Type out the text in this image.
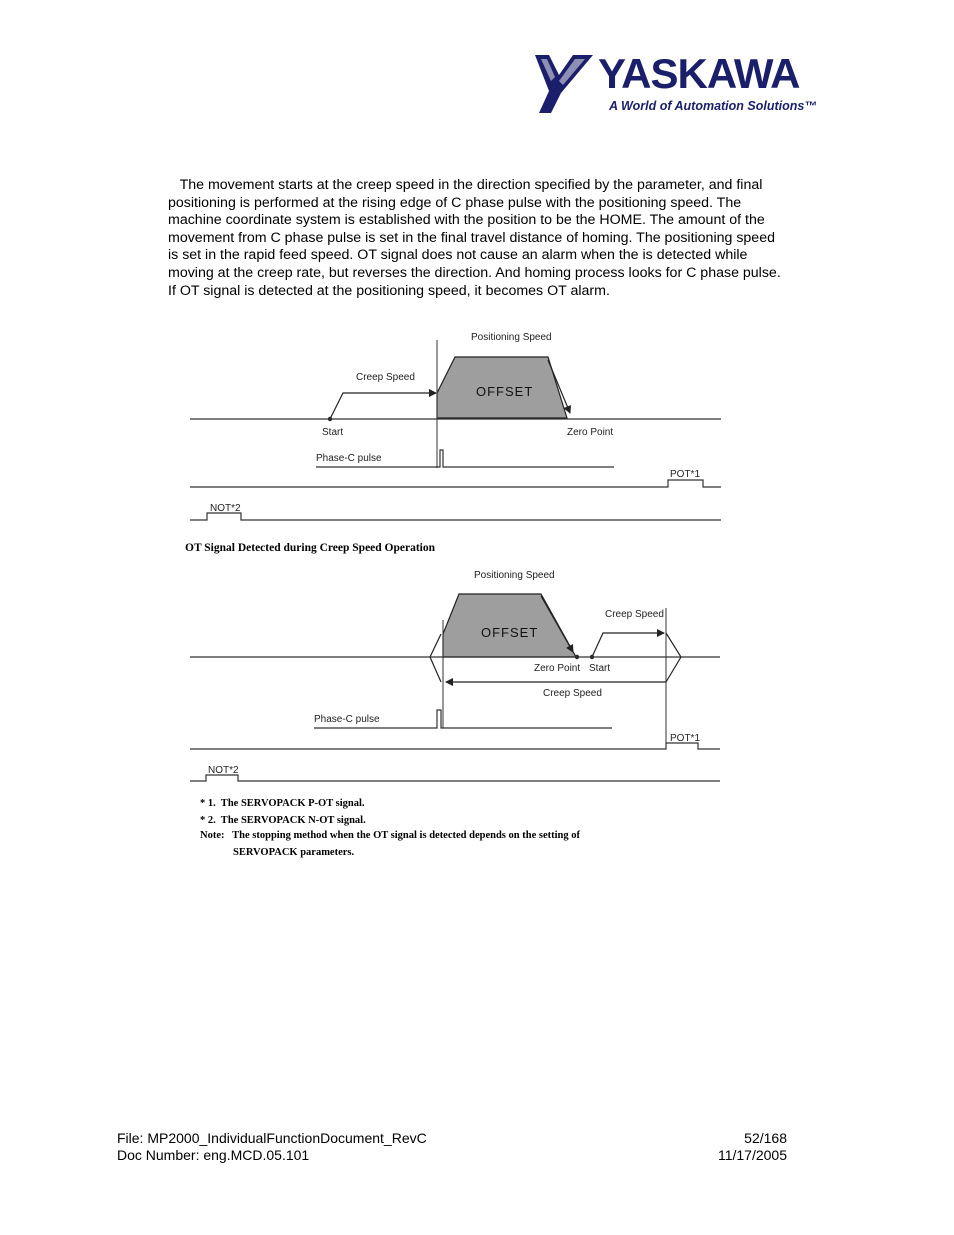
YASKAWA
A World of Automation Solutions™
The movement starts at the creep speed in the direction specified by the parameter, and final
positioning is performed at the rising edge of C phase pulse with the positioning speed. The
machine coordinate system is established with the position to be the HOME. The amount of the
movement from C phase pulse is set in the final travel distance of homing. The positioning speed
is set in the rapid feed speed. OT signal does not cause an alarm when the is detected while
moving at the creep rate, but reverses the direction. And homing process looks for C phase pulse.
If OT signal is detected at the positioning speed, it becomes OT alarm.
Positioning Speed
Creep Speed
OFFSET
Start	Zero Point
Phase-C pulse
POT*1
NOT*2
OT Signal Detected during Creep Speed Operation
Positioning Speed
Creep Speed
OFFSET
Zero Point Start
Creep Speed
Phase-C pulse
POT*1
NOT*2
* 1.  The SERVOPACK P-OT signal.
* 2.  The SERVOPACK N-OT signal.
Note:   The stopping method when the OT signal is detected depends on the setting of
SERVOPACK parameters.
File: MP2000_IndividualFunctionDocument_RevC	52/168
Doc Number: eng.MCD.05.101	11/17/2005
